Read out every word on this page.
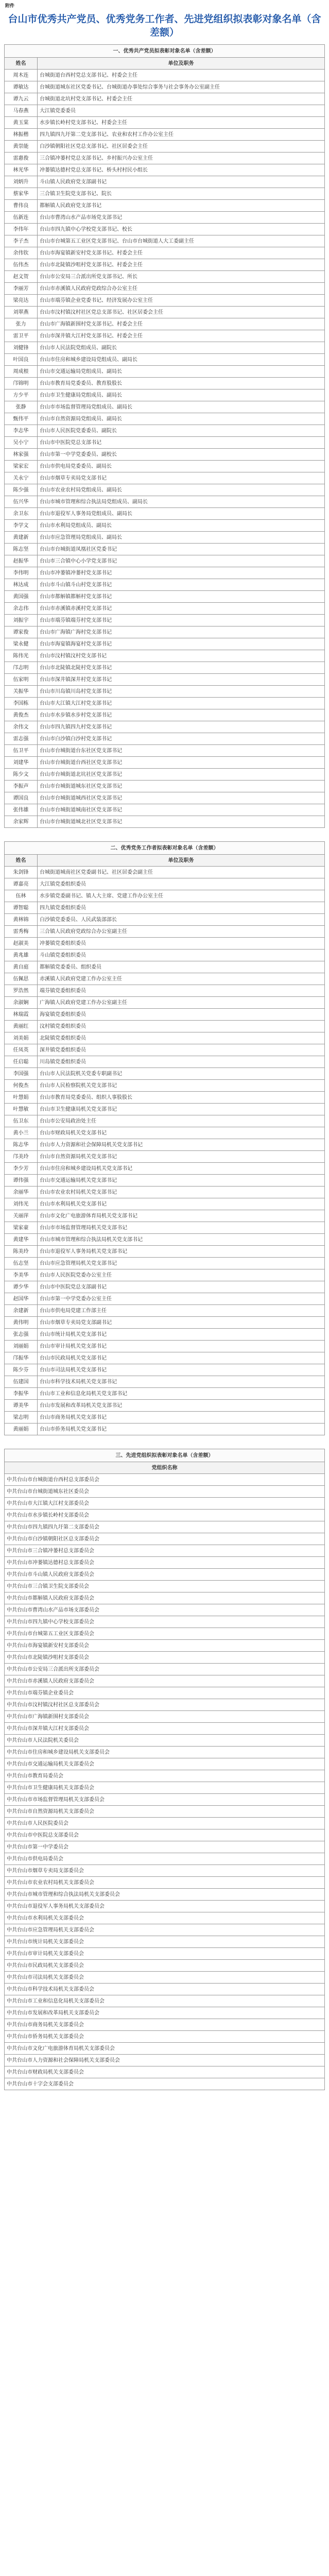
附件
台山市优秀共产党员、优秀党务工作者、先进党组织拟表彰对象名单（含差额）
一、优秀共产党员拟表彰对象名单（含差额）	
姓名	单位及职务
周木连	台城街道台西村党总支部书记、村委会主任
谭敏达	台城街道城东社区党委书记、台城街道办事处综合事务与社会事务办公室副主任
谭九云	台城街道北坑村党支部书记、村委会主任
马春燕	大江镇党委委员
黄玉棠	水步镇长岭村党支部书记、村委会主任
林振楷	四九镇四九圩第二党支部书记、农业和农村工作办公室主任
黄崇能	白沙镇朝阳社区党总支部书记、社区居委会主任
雷惠俊	三合镇冲蒌村党总支部书记、乡村振兴办公室主任
林光华	冲蒌镇达德村党总支部书记、桥头村村民小组长
刘炳升	斗山镇人民政府党支部副书记
蔡家华	三合镇卫生院党支部书记、院长
曹伟良	都斛镇人民政府党支部书记
伍新连	台山市曹湾山水产品市场党支部书记
李伟年	台山市四九镇中心学校党支部书记、校长
李子杰	台山市台城第五工业区党支部书记、台山市台城街道人大工委副主任
余伟钦	台山市海宴镇新安村党支部书记、村委会主任
伍伟杰	台山市北陡镇沙咀村党支部书记、村委会主任
赵文贺	台山市公安局三合派出所党支部书记、所长
李丽芳	台山市赤溪镇人民政府党政综合办公室主任
梁亮达	台山市端芬镇企业党委书记、经济发展办公室主任
刘翠燕	台山市汶村镇汶村社区党总支部书记、社区居委会主任
张力	台山市广海镇新围村党支部书记、村委会主任
雷卫平	台山市深井镇大江村党支部书记、村委会主任
刘健锋	台山市人民法院党组成员、副院长
叶国良	台山市住房和城乡建设局党组成员、副局长
周成根	台山市交通运输局党组成员、副局长
邝锦明	台山市教育局党委委员、教育股股长
方少平	台山市卫生健康局党组成员、副局长
张静	台山市市场监督管理局党组成员、副局长
甄伟平	台山市自然资源局党组成员、副局长
李志华	台山市人民医院党委委员、副院长
吴小宁	台山市中医院党总支部书记
林家强	台山市第一中学党委委员、副校长
梁家宏	台山市供电局党委委员、副局长
关永宁	台山市烟草专卖局党支部书记
陈少强	台山市农业农村局党组成员、副局长
伍兴华	台山市城市管理和综合执法局党组成员、副局长
余卫东	台山市退役军人事务局党组成员、副局长
李学文	台山市水利局党组成员、副局长
黄建新	台山市应急管理局党组成员、副局长
陈志坚	台山市台城街道凤凰社区党委书记
赵振华	台山市三合镇中心小学党支部书记
李伟明	台山市冲蒌镇冲蒌村党支部书记
林达成	台山市斗山镇斗山村党支部书记
黄国强	台山市都斛镇都斛村党支部书记
余志伟	台山市赤溪镇赤溪村党支部书记
刘振宇	台山市端芬镇端芬村党支部书记
谭家俊	台山市广海镇广海村党支部书记
梁永健	台山市海宴镇海宴村党支部书记
陈伟光	台山市汶村镇汶村党支部书记
邝志明	台山市北陡镇北陡村党支部书记
伍家明	台山市深井镇深井村党支部书记
关振华	台山市川岛镇川岛村党支部书记
李国栋	台山市大江镇大江村党支部书记
黄俊杰	台山市水步镇水步村党支部书记
余伟文	台山市四九镇四九村党支部书记
雷志强	台山市白沙镇白沙村党支部书记
伍卫平	台山市台城街道台东社区党支部书记
刘建华	台山市台城街道台西社区党支部书记
陈少文	台山市台城街道北坑社区党支部书记
李振声	台山市台城街道城东社区党支部书记
谭国良	台山市台城街道城西社区党支部书记
张伟雄	台山市台城街道城南社区党支部书记
余家辉	台山市台城街道城北社区党支部书记
二、优秀党务工作者拟表彰对象名单（含差额）	
姓名	单位及职务
朱剑锋	台城街道城南社区党委副书记、社区居委会副主任
谭嘉亮	大江镇党委组织委员
伍林	水步镇党委副书记、镇人大主席、党建工作办公室主任
谭智聪	四九镇党委组织委员
黄林锦	白沙镇党委委员、人民武装部部长
雷秀梅	三合镇人民政府党政综合办公室副主任
赵淑美	冲蒌镇党委组织委员
黄兆雄	斗山镇党委组织委员
黄自庭	都斛镇党委委员、组织委员
伍佩思	赤溪镇人民政府党建工作办公室主任
罗浩然	端芬镇党委组织委员
余淑娴	广海镇人民政府党建工作办公室副主任
林瑞霞	海宴镇党委组织委员
黄丽红	汶村镇党委组织委员
刘美娟	北陡镇党委组织委员
任凤英	深井镇党委组织委员
任启聪	川岛镇党委组织委员
李国强	台山市人民法院机关党委专职副书记
何俊杰	台山市人民检察院机关党支部书记
叶慧娟	台山市教育局党委委员、组织人事股股长
叶慧敏	台山市卫生健康局机关党支部书记
伍卫东	台山市公安局政治处主任
黄小兰	台山市财政局机关党支部书记
陈志华	台山市人力资源和社会保障局机关党支部书记
邝美玲	台山市自然资源局机关党支部书记
李少芳	台山市住房和城乡建设局机关党支部书记
谭伟强	台山市交通运输局机关党支部书记
余丽华	台山市农业农村局机关党支部书记
刘伟光	台山市水利局机关党支部书记
关丽萍	台山市文化广电旅游体育局机关党支部书记
梁家豪	台山市市场监督管理局机关党支部书记
黄建华	台山市城市管理和综合执法局机关党支部书记
陈美玲	台山市退役军人事务局机关党支部书记
伍志坚	台山市应急管理局机关党支部书记
李美华	台山市人民医院党委办公室主任
谭少华	台山市中医院党总支部副书记
赵国华	台山市第一中学党委办公室主任
余建新	台山市供电局党建工作部主任
黄伟明	台山市烟草专卖局党支部副书记
张志强	台山市统计局机关党支部书记
刘丽娟	台山市审计局机关党支部书记
邝振华	台山市民政局机关党支部书记
陈少芬	台山市司法局机关党支部书记
伍建国	台山市科学技术局机关党支部书记
李振华	台山市工业和信息化局机关党支部书记
谭美华	台山市发展和改革局机关党支部书记
梁志明	台山市商务局机关党支部书记
黄丽娟	台山市侨务局机关党支部书记
三、先进党组织拟表彰对象名单（含差额）
党组织名称
中共台山市台城街道台西村总支部委员会
中共台山市台城街道城东社区委员会
中共台山市大江镇大江村支部委员会
中共台山市水步镇长岭村支部委员会
中共台山市四九镇四九圩第二支部委员会
中共台山市白沙镇朝阳社区总支部委员会
中共台山市三合镇冲蒌村总支部委员会
中共台山市冲蒌镇达德村总支部委员会
中共台山市斗山镇人民政府支部委员会
中共台山市三合镇卫生院支部委员会
中共台山市都斛镇人民政府支部委员会
中共台山市曹湾山水产品市场支部委员会
中共台山市四九镇中心学校支部委员会
中共台山市台城第五工业区支部委员会
中共台山市海宴镇新安村支部委员会
中共台山市北陡镇沙咀村支部委员会
中共台山市公安局三合派出所支部委员会
中共台山市赤溪镇人民政府支部委员会
中共台山市端芬镇企业委员会
中共台山市汶村镇汶村社区总支部委员会
中共台山市广海镇新围村支部委员会
中共台山市深井镇大江村支部委员会
中共台山市人民法院机关委员会
中共台山市住房和城乡建设局机关支部委员会
中共台山市交通运输局机关支部委员会
中共台山市教育局委员会
中共台山市卫生健康局机关支部委员会
中共台山市市场监督管理局机关支部委员会
中共台山市自然资源局机关支部委员会
中共台山市人民医院委员会
中共台山市中医院总支部委员会
中共台山市第一中学委员会
中共台山市供电局委员会
中共台山市烟草专卖局支部委员会
中共台山市农业农村局机关支部委员会
中共台山市城市管理和综合执法局机关支部委员会
中共台山市退役军人事务局机关支部委员会
中共台山市水利局机关支部委员会
中共台山市应急管理局机关支部委员会
中共台山市统计局机关支部委员会
中共台山市审计局机关支部委员会
中共台山市民政局机关支部委员会
中共台山市司法局机关支部委员会
中共台山市科学技术局机关支部委员会
中共台山市工业和信息化局机关支部委员会
中共台山市发展和改革局机关支部委员会
中共台山市商务局机关支部委员会
中共台山市侨务局机关支部委员会
中共台山市文化广电旅游体育局机关支部委员会
中共台山市人力资源和社会保障局机关支部委员会
中共台山市财政局机关支部委员会
中共台山市十字会支部委员会
